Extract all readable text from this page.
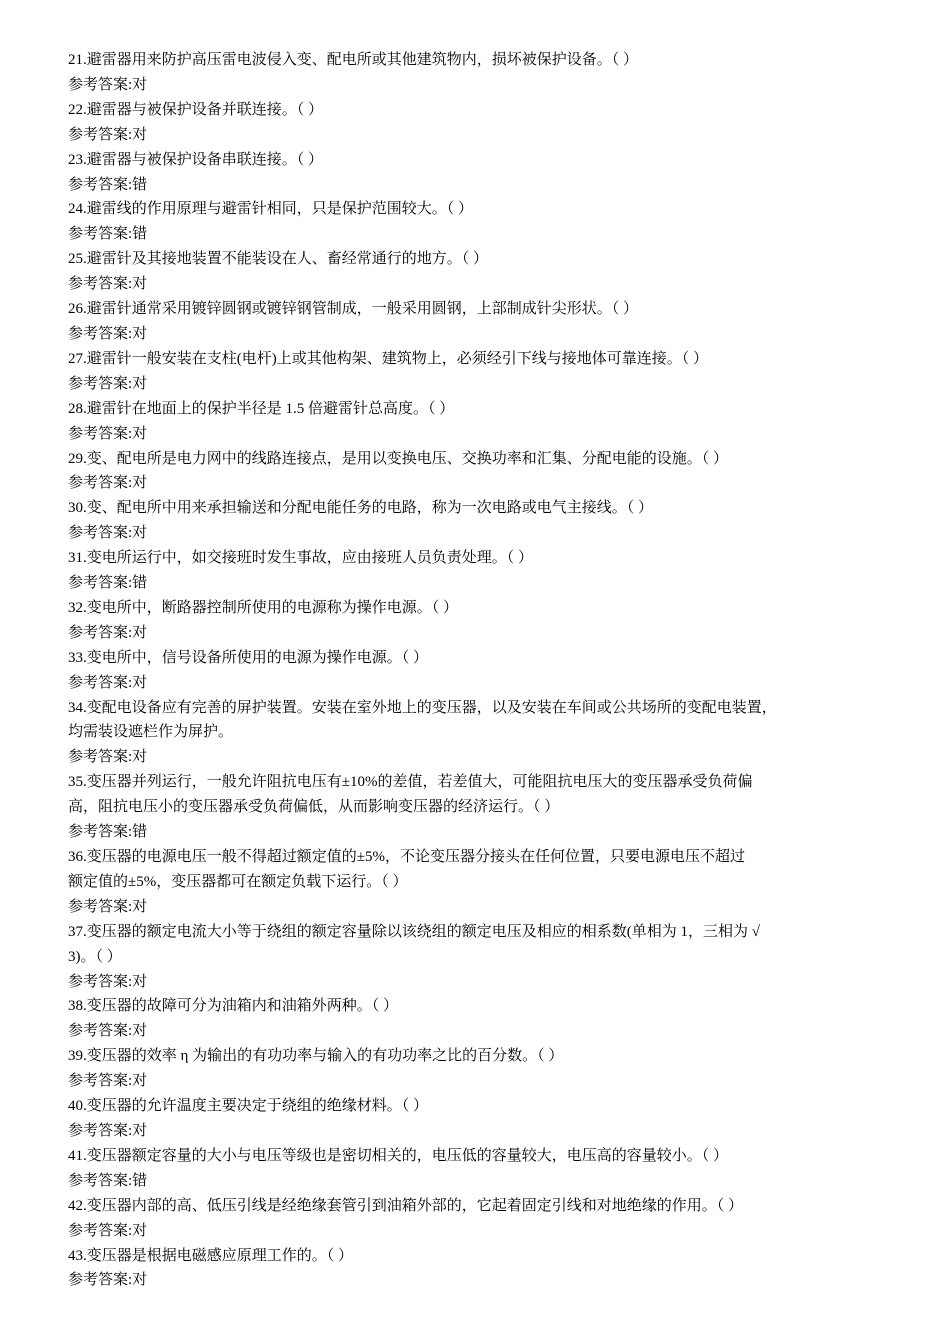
21.避雷器用来防护高压雷电波侵入变、配电所或其他建筑物内，损坏被保护设备。（ ）
参考答案:对
22.避雷器与被保护设备并联连接。（ ）
参考答案:对
23.避雷器与被保护设备串联连接。（ ）
参考答案:错
24.避雷线的作用原理与避雷针相同，只是保护范围较大。（ ）
参考答案:错
25.避雷针及其接地装置不能装设在人、畜经常通行的地方。（ ）
参考答案:对
26.避雷针通常采用镀锌圆钢或镀锌钢管制成，一般采用圆钢，上部制成针尖形状。（ ）
参考答案:对
27.避雷针一般安装在支柱(电杆)上或其他构架、建筑物上，必须经引下线与接地体可靠连接。（ ）
参考答案:对
28.避雷针在地面上的保护半径是 1.5 倍避雷针总高度。（ ）
参考答案:对
29.变、配电所是电力网中的线路连接点，是用以变换电压、交换功率和汇集、分配电能的设施。（ ）
参考答案:对
30.变、配电所中用来承担输送和分配电能任务的电路，称为一次电路或电气主接线。（ ）
参考答案:对
31.变电所运行中，如交接班时发生事故，应由接班人员负责处理。（ ）
参考答案:错
32.变电所中，断路器控制所使用的电源称为操作电源。（ ）
参考答案:对
33.变电所中，信号设备所使用的电源为操作电源。（ ）
参考答案:对
34.变配电设备应有完善的屏护装置。安装在室外地上的变压器，以及安装在车间或公共场所的变配电装置，
均需装设遮栏作为屏护。
参考答案:对
35.变压器并列运行，一般允许阻抗电压有±10%的差值，若差值大，可能阻抗电压大的变压器承受负荷偏
高，阻抗电压小的变压器承受负荷偏低，从而影响变压器的经济运行。（ ）
参考答案:错
36.变压器的电源电压一般不得超过额定值的±5%，不论变压器分接头在任何位置，只要电源电压不超过
额定值的±5%，变压器都可在额定负载下运行。（ ）
参考答案:对
37.变压器的额定电流大小等于绕组的额定容量除以该绕组的额定电压及相应的相系数(单相为 1，三相为 √
3)。（ ）
参考答案:对
38.变压器的故障可分为油箱内和油箱外两种。（ ）
参考答案:对
39.变压器的效率 η 为输出的有功功率与输入的有功功率之比的百分数。（ ）
参考答案:对
40.变压器的允许温度主要决定于绕组的绝缘材料。（ ）
参考答案:对
41.变压器额定容量的大小与电压等级也是密切相关的，电压低的容量较大，电压高的容量较小。（ ）
参考答案:错
42.变压器内部的高、低压引线是经绝缘套管引到油箱外部的，它起着固定引线和对地绝缘的作用。（ ）
参考答案:对
43.变压器是根据电磁感应原理工作的。（ ）
参考答案:对
